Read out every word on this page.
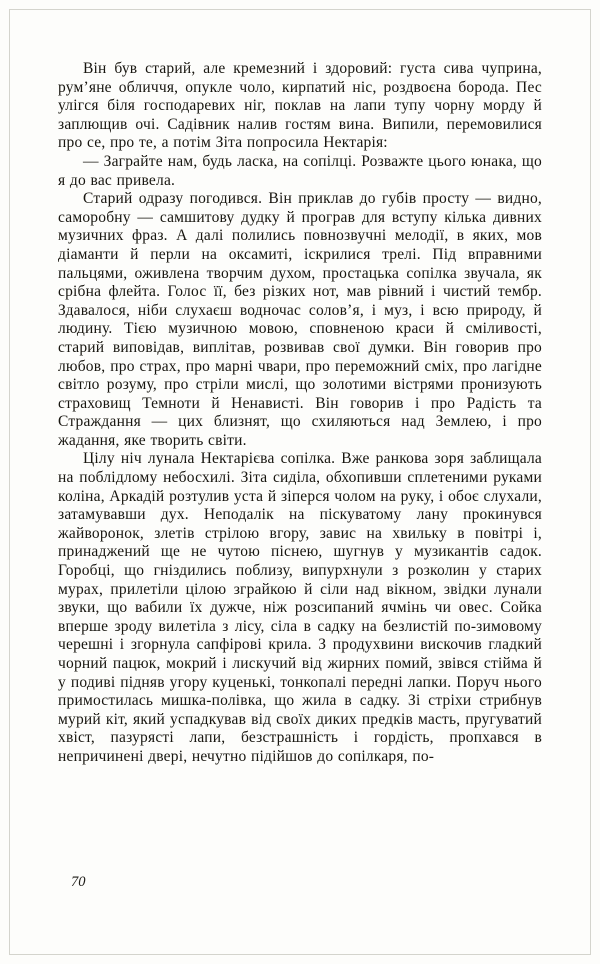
Він був старий, але кремезний і здоровий: густа сива чуприна, рум’яне обличчя, опукле чоло, кирпатий ніс, роздвоєна борода. Пес улігся біля господаревих ніг, поклав на лапи тупу чорну морду й заплющив очі. Садівник налив гостям вина. Випили, перемовилися про се, про те, а потім Зіта попросила Нектарія:

— Заграйте нам, будь ласка, на сопілці. Розважте цього юнака, що я до вас привела.

Старий одразу погодився. Він приклав до губів просту — видно, саморобну — самшитову дудку й програв для вступу кілька дивних музичних фраз. А далі полились повнозвучні мелодії, в яких, мов діаманти й перли на оксамиті, іскрилися трелі. Під вправними пальцями, оживлена творчим духом, простацька сопілка звучала, як срібна флейта. Голос її, без різких нот, мав рівний і чистий тембр. Здавалося, ніби слухаєш водночас солов’я, і муз, і всю природу, й людину. Тією музичною мовою, сповненою краси й сміливості, старий виповідав, виплітав, розвивав свої думки. Він говорив про любов, про страх, про марні чвари, про переможний сміх, про лагідне світло розуму, про стріли мислі, що золотими вістрями пронизують страховищ Темноти й Ненависті. Він говорив і про Радість та Страждання — цих близнят, що схиляються над Землею, і про жадання, яке творить світи.

Цілу ніч лунала Нектарієва сопілка. Вже ранкова зоря заблищала на поблідлому небосхилі. Зіта сиділа, обхопивши сплетеними руками коліна, Аркадій розтулив уста й зіперся чолом на руку, і обоє слухали, затамувавши дух. Неподалік на піскуватому лану прокинувся жайворонок, злетів стрілою вгору, завис на хвильку в повітрі і, принаджений ще не чутою піснею, шугнув у музикантів садок. Горобці, що гніздились поблизу, випурхнули з розколин у старих мурах, прилетіли цілою зграйкою й сіли над вікном, звідки лунали звуки, що вабили їх дужче, ніж розсипаний ячмінь чи овес. Сойка вперше зроду вилетіла з лісу, сіла в садку на безлистій по-зимовому черешні і згорнула сапфірові крила. З продухвини вискочив гладкий чорний пацюк, мокрий і лискучий від жирних помий, звівся стійма й у подиві підняв угору куценькі, тонкопалі передні лапки. Поруч нього примостилась мишка-полівка, що жила в садку. Зі стріхи стрибнув мурий кіт, який успадкував від своїх диких предків масть, пругуватий хвіст, пазурясті лапи, безстрашність і гордість, пропхався в непричинені двері, нечутно підійшов до сопілкаря, по-

70
